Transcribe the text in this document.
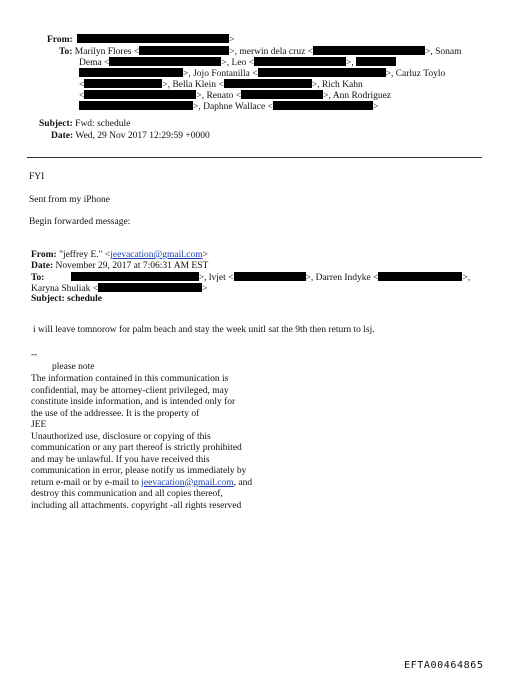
From:	>
To: Marilyn Flores <	>, merwin dela cruz <	>, Sonam
Dema <	>, Leo <	>,
>, Jojo Fontanilla <	>, Carluz Toylo
<	>, Bella Klein <	>, Rich Kahn
<	>, Renato <	>, Ann Rodriguez
>, Daphne Wallace <	>
Subject: Fwd: schedule
Date: Wed, 29 Nov 2017 12:29:59 +0000
FYI
Sent from my iPhone
Begin forwarded message:
From: "jeffrey E." <jeevacation@gmail.com>
Date: November 29, 2017 at 7:06:31 AM EST
To:	>, lvjet <	>, Darren Indyke <	>,
Karyna Shuliak <	>
Subject: schedule
i will leave tomnorow for palm beach and stay the week unitl sat the 9th then return to lsj.
--
please note
The information contained in this communication is
confidential, may be attorney-client privileged, may
constitute inside information, and is intended only for
the use of the addressee. It is the property of
JEE
Unauthorized use, disclosure or copying of this
communication or any part thereof is strictly prohibited
and may be unlawful. If you have received this
communication in error, please notify us immediately by
return e-mail or by e-mail to jeevacation@gmail.com, and
destroy this communication and all copies thereof,
including all attachments. copyright -all rights reserved
EFTA00464865
